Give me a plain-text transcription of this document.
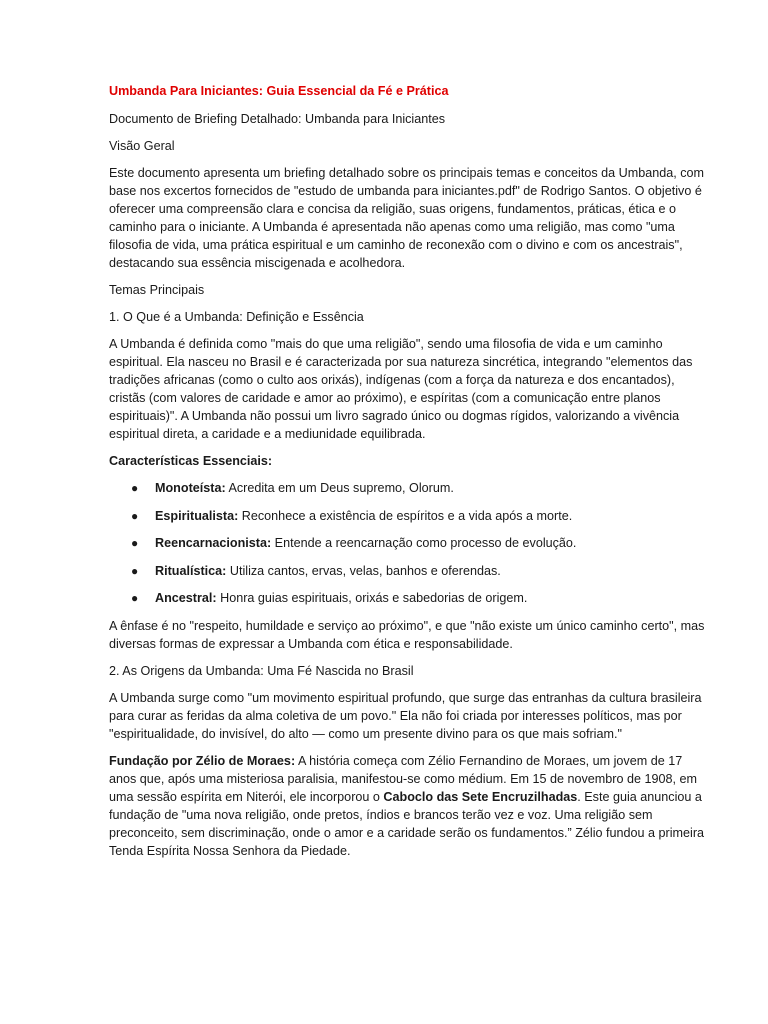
Umbanda Para Iniciantes: Guia Essencial da Fé e Prática

Documento de Briefing Detalhado: Umbanda para Iniciantes

Visão Geral

Este documento apresenta um briefing detalhado sobre os principais temas e conceitos da Umbanda, com base nos excertos fornecidos de "estudo de umbanda para iniciantes.pdf" de Rodrigo Santos. O objetivo é oferecer uma compreensão clara e concisa da religião, suas origens, fundamentos, práticas, ética e o caminho para o iniciante. A Umbanda é apresentada não apenas como uma religião, mas como "uma filosofia de vida, uma prática espiritual e um caminho de reconexão com o divino e com os ancestrais", destacando sua essência miscigenada e acolhedora.

Temas Principais

1. O Que é a Umbanda: Definição e Essência

A Umbanda é definida como "mais do que uma religião", sendo uma filosofia de vida e um caminho espiritual. Ela nasceu no Brasil e é caracterizada por sua natureza sincrética, integrando "elementos das tradições africanas (como o culto aos orixás), indígenas (com a força da natureza e dos encantados), cristãs (com valores de caridade e amor ao próximo), e espíritas (com a comunicação entre planos espirituais)". A Umbanda não possui um livro sagrado único ou dogmas rígidos, valorizando a vivência espiritual direta, a caridade e a mediunidade equilibrada.

Características Essenciais:

● Monoteísta: Acredita em um Deus supremo, Olorum.
● Espiritualista: Reconhece a existência de espíritos e a vida após a morte.
● Reencarnacionista: Entende a reencarnação como processo de evolução.
● Ritualística: Utiliza cantos, ervas, velas, banhos e oferendas.
● Ancestral: Honra guias espirituais, orixás e sabedorias de origem.

A ênfase é no "respeito, humildade e serviço ao próximo", e que "não existe um único caminho certo", mas diversas formas de expressar a Umbanda com ética e responsabilidade.

2. As Origens da Umbanda: Uma Fé Nascida no Brasil

A Umbanda surge como "um movimento espiritual profundo, que surge das entranhas da cultura brasileira para curar as feridas da alma coletiva de um povo." Ela não foi criada por interesses políticos, mas por "espiritualidade, do invisível, do alto — como um presente divino para os que mais sofriam."

Fundação por Zélio de Moraes: A história começa com Zélio Fernandino de Moraes, um jovem de 17 anos que, após uma misteriosa paralisia, manifestou-se como médium. Em 15 de novembro de 1908, em uma sessão espírita em Niterói, ele incorporou o Caboclo das Sete Encruzilhadas. Este guia anunciou a fundação de "uma nova religião, onde pretos, índios e brancos terão vez e voz. Uma religião sem preconceito, sem discriminação, onde o amor e a caridade serão os fundamentos.” Zélio fundou a primeira Tenda Espírita Nossa Senhora da Piedade.
